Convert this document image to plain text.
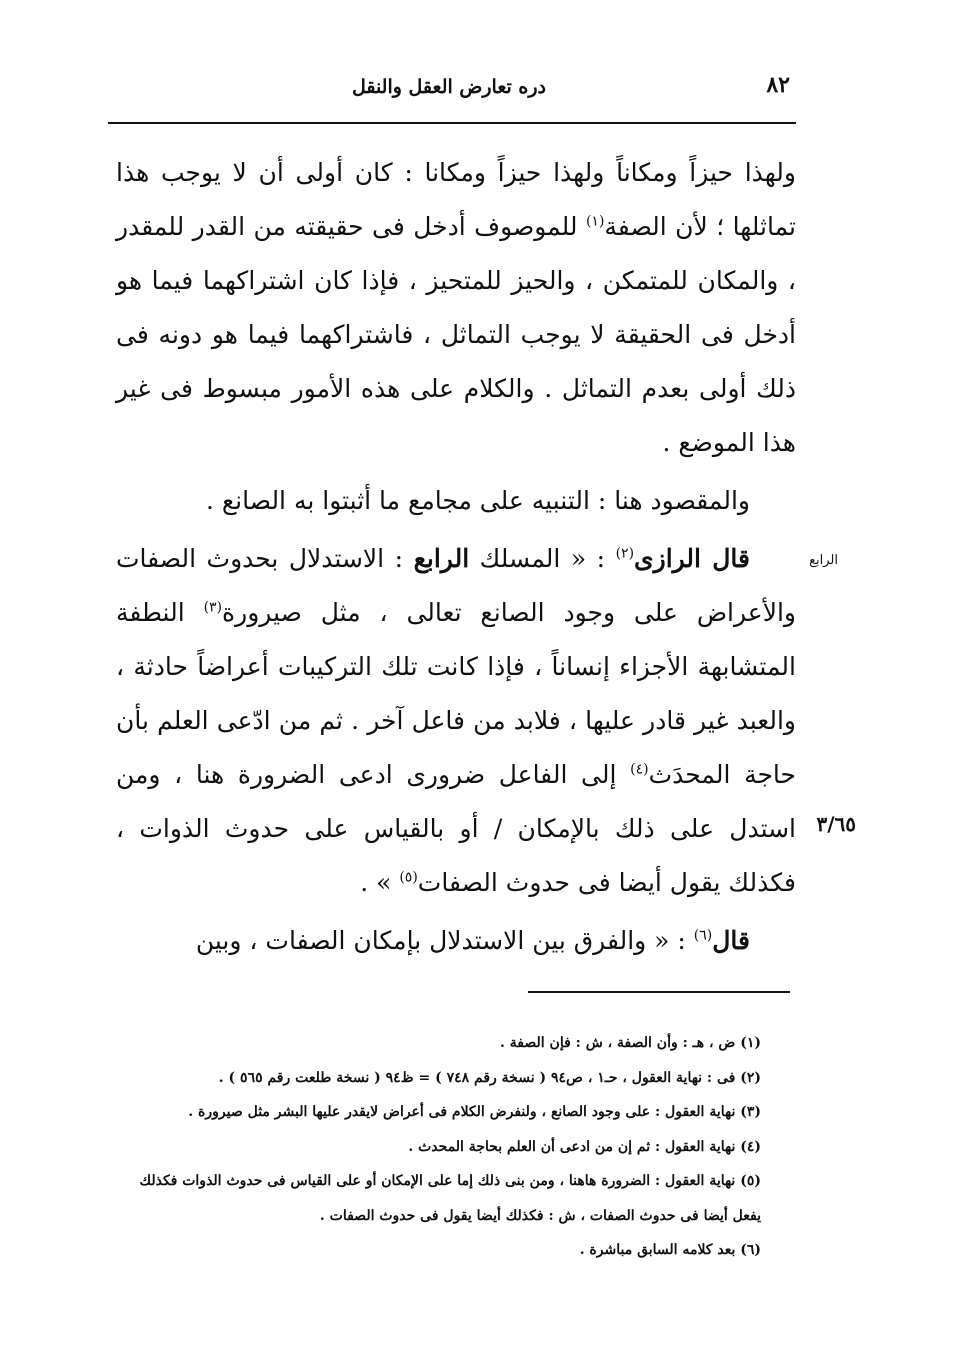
٨٢
دره تعارض العقل والنقل
الرابع
٣/٦٥

ولهذا حيزاً ومكاناً ولهذا حيزاً ومكانا : كان أولى أن لا يوجب هذا تماثلها ؛ لأن الصفة$^{(١)}$ للموصوف أدخل فى حقيقته من القدر للمقدر ، والمكان للمتمكن ، والحيز للمتحيز ، فإذا كان اشتراكهما فيما هو أدخل فى الحقيقة لا يوجب التماثل ، فاشتراكهما فيما هو دونه فى ذلك أولى بعدم التماثل . والكلام على هذه الأمور مبسوط فى غير هذا الموضع .

والمقصود هنا : التنبيه على مجامع ما أثبتوا به الصانع .

قال الرازى$^{(٢)}$ : « المسلك الرابع : الاستدلال بحدوث الصفات والأعراض على وجود الصانع تعالى ، مثل صيرورة$^{(٣)}$ النطفة المتشابهة الأجزاء إنساناً ، فإذا كانت تلك التركيبات أعراضاً حادثة ، والعبد غير قادر عليها ، فلابد من فاعل آخر . ثم من ادّعى العلم بأن حاجة المحدَث$^{(٤)}$ إلى الفاعل ضرورى ادعى الضرورة هنا ، ومن استدل على ذلك بالإمكان / أو بالقياس على حدوث الذوات ، فكذلك يقول أيضا فى حدوث الصفات$^{(٥)}$ » .

قال$^{(٦)}$ : « والفرق بين الاستدلال بإمكان الصفات ، وبين

(١) ض ، هـ : وأن الصفة ، ش : فإن الصفة .

(٢) فى : نهاية العقول ، حـ١ ، ص٩٤ ( نسخة رقم ٧٤٨ ) = ظ٩٤ ( نسخة طلعت رقم ٥٦٥ ) .

(٣) نهاية العقول : على وجود الصانع ، ولنفرض الكلام فى أعراض لايقدر عليها البشر مثل صيرورة .

(٤) نهاية العقول : ثم إن من ادعى أن العلم بحاجة المحدث .

(٥) نهاية العقول : الضرورة هاهنا ، ومن بنى ذلك إما على الإمكان أو على القياس فى حدوث الذوات فكذلك يفعل أيضا فى حدوث الصفات ، ش : فكذلك أيضا يقول فى حدوث الصفات .

(٦) بعد كلامه السابق مباشرة .
